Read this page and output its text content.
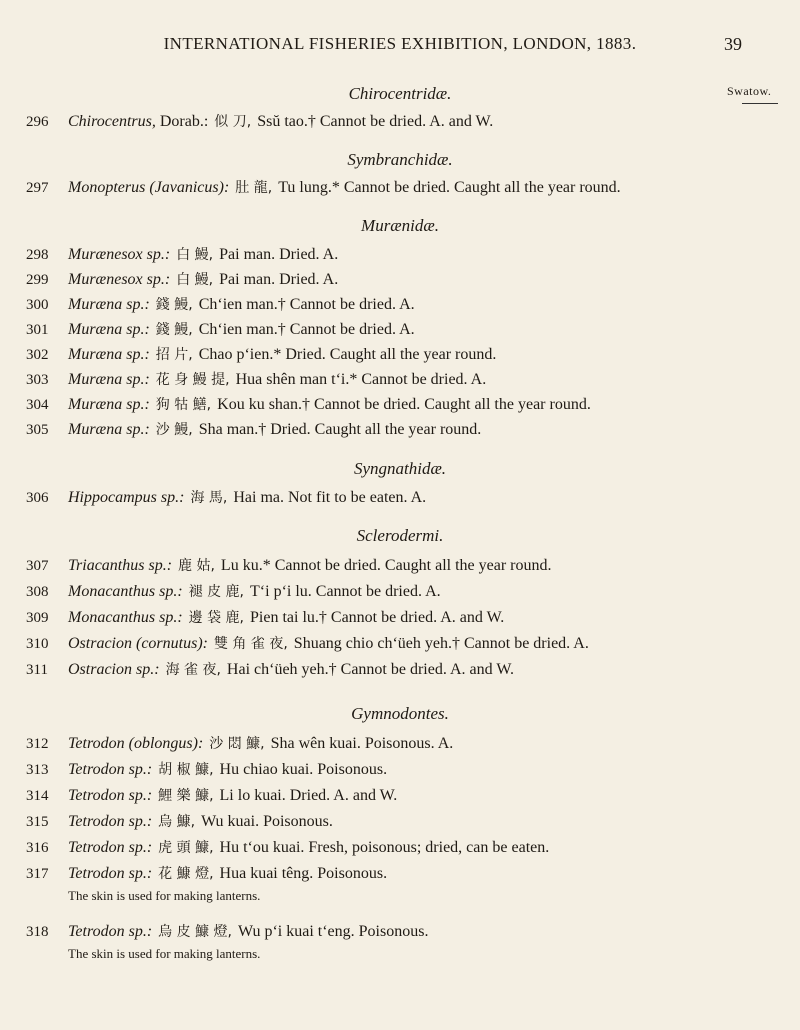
INTERNATIONAL FISHERIES EXHIBITION, LONDON, 1883.	39
Swatow.
Chirocentridæ.
296	Chirocentrus, Dorab.: 似 刀, Ssŭ tao.† Cannot be dried. A. and W.
Symbranchidæ.
297	Monopterus (Javanicus): 肚 龍, Tu lung.* Cannot be dried. Caught all the year round.
Murænidæ.
298	Murænesox sp.: 白 鰻, Pai man. Dried. A.
299	Murænesox sp.: 白 鰻, Pai man. Dried. A.
300	Muræna sp.: 錢 鰻, Chʻien man.† Cannot be dried. A.
301	Muræna sp.: 錢 鰻, Chʻien man.† Cannot be dried. A.
302	Muræna sp.: 招 片, Chao pʻien.* Dried. Caught all the year round.
303	Muræna sp.: 花 身 鰻 提, Hua shên man tʻi.* Cannot be dried. A.
304	Muræna sp.: 狗 牯 鱔, Kou ku shan.† Cannot be dried. Caught all the year round.
305	Muræna sp.: 沙 鰻, Sha man.† Dried. Caught all the year round.
Syngnathidæ.
306	Hippocampus sp.: 海 馬, Hai ma. Not fit to be eaten. A.
Sclerodermi.
307	Triacanthus sp.: 鹿 姑, Lu ku.* Cannot be dried. Caught all the year round.
308	Monacanthus sp.: 褪 皮 鹿, Tʻi pʻi lu. Cannot be dried. A.
309	Monacanthus sp.: 邊 袋 鹿, Pien tai lu.† Cannot be dried. A. and W.
310	Ostracion (cornutus): 雙 角 雀 夜, Shuang chio chʻüeh yeh.† Cannot be dried. A.
311	Ostracion sp.: 海 雀 夜, Hai chʻüeh yeh.† Cannot be dried. A. and W.
Gymnodontes.
312	Tetrodon (oblongus): 沙 悶 鱇, Sha wên kuai. Poisonous. A.
313	Tetrodon sp.: 胡 椒 鱇, Hu chiao kuai. Poisonous.
314	Tetrodon sp.: 鯉 樂 鱇, Li lo kuai. Dried. A. and W.
315	Tetrodon sp.: 烏 鱇, Wu kuai. Poisonous.
316	Tetrodon sp.: 虎 頭 鱇, Hu tʻou kuai. Fresh, poisonous; dried, can be eaten.
317	Tetrodon sp.: 花 鱇 燈, Hua kuai têng. Poisonous.
The skin is used for making lanterns.
318	Tetrodon sp.: 烏 皮 鱇 燈, Wu pʻi kuai tʻeng. Poisonous.
The skin is used for making lanterns.
